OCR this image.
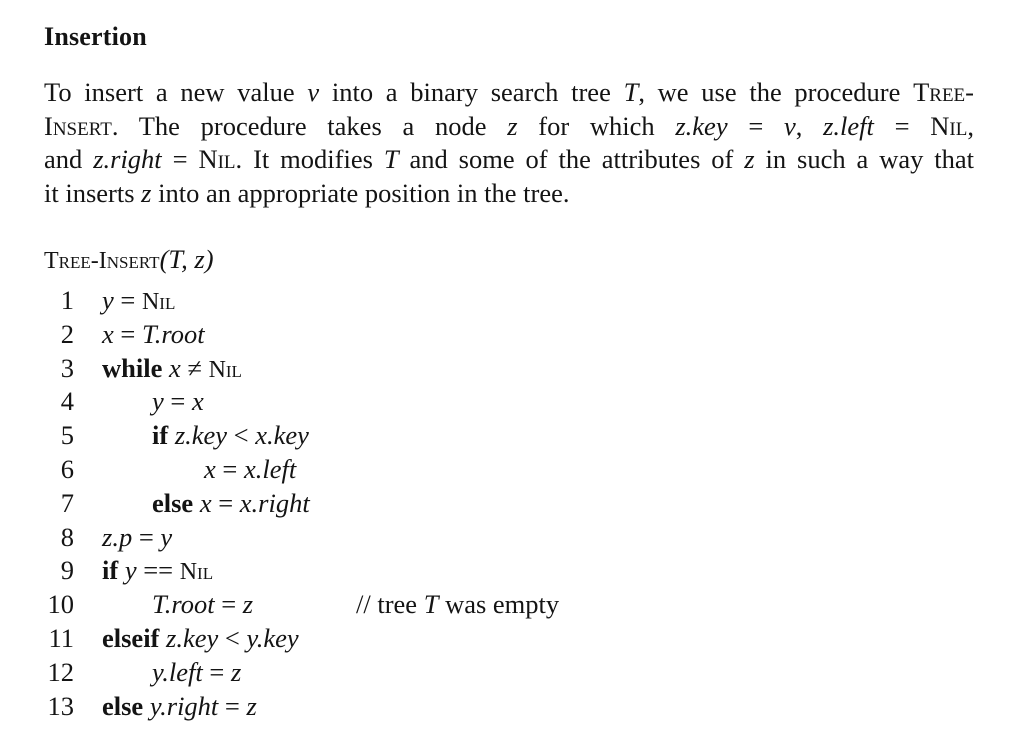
Insertion
To insert a new value v into a binary search tree T, we use the procedure Tree-
Insert. The procedure takes a node z for which z.key = v, z.left = Nil,
and z.right = Nil. It modifies T and some of the attributes of z in such a way that
it inserts z into an appropriate position in the tree.
Tree-Insert(T, z)
1 y = Nil
2 x = T.root
3 while x ≠ Nil
4	y = x
5	if z.key < x.key
6	x = x.left
7	else x = x.right
8 z.p = y
9 if y == Nil
10	T.root = z	// tree T was empty
11 elseif z.key < y.key
12	y.left = z
13 else y.right = z
